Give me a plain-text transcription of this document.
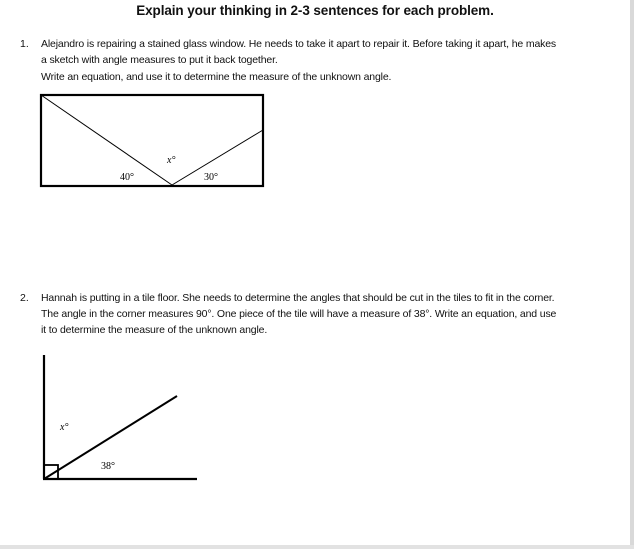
Explain your thinking in 2-3 sentences for each problem.
1. Alejandro is repairing a stained glass window. He needs to take it apart to repair it. Before taking it apart, he makes

a sketch with angle measures to put it back together.

Write an equation, and use it to determine the measure of the unknown angle.

2. Hannah is putting in a tile floor. She needs to determine the angles that should be cut in the tiles to fit in the corner.

The angle in the corner measures 90°. One piece of the tile will have a measure of 38°. Write an equation, and use

it to determine the measure of the unknown angle.

x°
40°	30°
x°
38°
